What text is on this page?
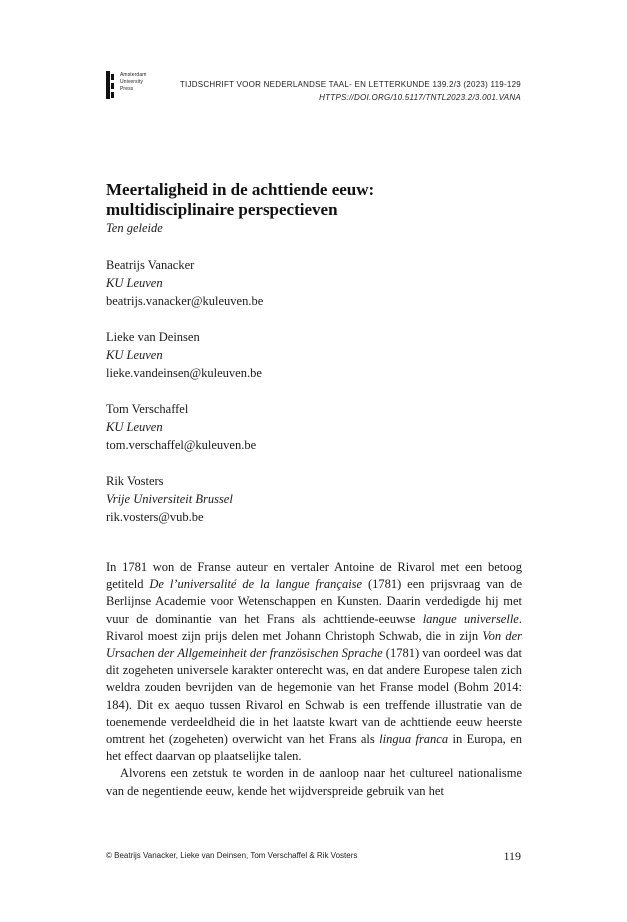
Amsterdam
University
Press	TIJDSCHRIFT VOOR NEDERLANDSE TAAL- EN LETTERKUNDE 139.2/3 (2023) 119-129
HTTPS://DOI.ORG/10.5117/TNTL2023.2/3.001.VANA
Meertaligheid in de achttiende eeuw:
multidisciplinaire perspectieven
Ten geleide
Beatrijs Vanacker
KU Leuven
beatrijs.vanacker@kuleuven.be
Lieke van Deinsen
KU Leuven
lieke.vandeinsen@kuleuven.be
Tom Verschaffel
KU Leuven
tom.verschaffel@kuleuven.be
Rik Vosters
Vrije Universiteit Brussel
rik.vosters@vub.be

In 1781 won de Franse auteur en vertaler Antoine de Rivarol met een betoog getiteld De l’universalité de la langue française (1781) een prijsvraag van de Berlijnse Academie voor Wetenschappen en Kunsten. Daarin verdedigde hij met vuur de dominantie van het Frans als achttiende-eeuwse langue universelle. Rivarol moest zijn prijs delen met Johann Christoph Schwab, die in zijn Von der Ursachen der Allgemeinheit der französischen Sprache (1781) van oordeel was dat dit zogeheten universele karakter onterecht was, en dat andere Europese talen zich weldra zouden bevrijden van de hegemonie van het Franse model (Bohm 2014: 184). Dit ex aequo tussen Rivarol en Schwab is een treffende illustratie van de toenemende verdeeldheid die in het laatste kwart van de achttiende eeuw heerste omtrent het (zogeheten) overwicht van het Frans als lingua franca in Europa, en het effect daarvan op plaatselijke talen.

Alvorens een zetstuk te worden in de aanloop naar het cultureel nationalisme van de negentiende eeuw, kende het wijdverspreide gebruik van het

© Beatrijs Vanacker, Lieke van Deinsen, Tom Verschaffel & Rik Vosters	119
